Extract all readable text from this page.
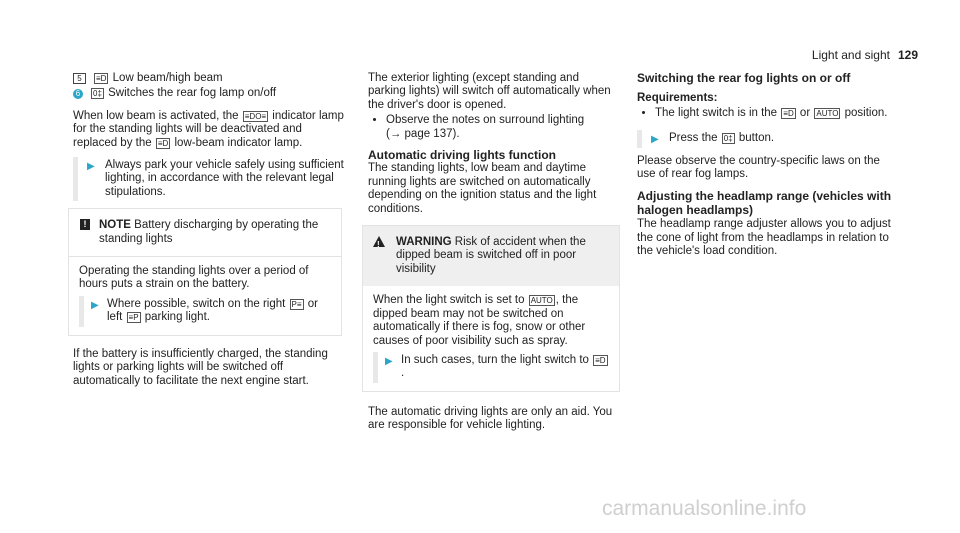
Light and sight 129

5 ≡D Low beam/high beam

6 0‡ Switches the rear fog lamp on/off

When low beam is activated, the ≡DO≡ indicator lamp for the standing lights will be deactivated and replaced by the ≡D low-beam indicator lamp.

▶ Always park your vehicle safely using sufficient lighting, in accordance with the relevant legal stipulations.

!	NOTE Battery discharging by operating the standing lights

Operating the standing lights over a period of hours puts a strain on the battery.

▶ Where possible, switch on the right P≡ or left ≡P parking light.

If the battery is insufficiently charged, the standing lights or parking lights will be switched off automatically to facilitate the next engine start.

The exterior lighting (except standing and parking lights) will switch off automatically when the driver's door is opened.

• Observe the notes on surround lighting
(→ page 137).

Automatic driving lights function

The standing lights, low beam and daytime running lights are switched on automatically depending on the ignition status and the light conditions.

!
WARNING Risk of accident when the dipped beam is switched off in poor visibility

When the light switch is set to AUTO , the dipped beam may not be switched on automatically if there is fog, snow or other causes of poor visibility such as spray.

▶ In such cases, turn the light switch to ≡D.

The automatic driving lights are only an aid. You are responsible for vehicle lighting.

Switching the rear fog lights on or off

Requirements:

• The light switch is in the ≡D or AUTO position.

▶ Press the 0‡ button.

Please observe the country-specific laws on the use of rear fog lamps.

Adjusting the headlamp range (vehicles with halogen headlamps)

The headlamp range adjuster allows you to adjust the cone of light from the headlamps in relation to the vehicle's load condition.

carmanualsonline.info
